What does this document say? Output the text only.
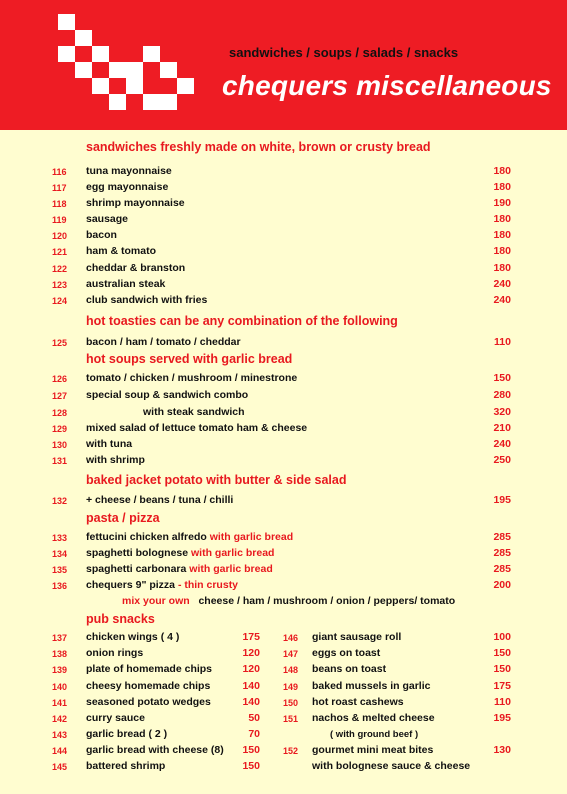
sandwiches / soups / salads / snacks
chequers miscellaneous
sandwiches freshly made on white, brown or crusty bread
hot toasties can be any combination of the following
hot soups served with garlic bread
baked jacket potato with butter & side salad
pasta / pizza
pub snacks
116 tuna mayonnaise	180
117 egg mayonnaise	180
118 shrimp mayonnaise	190
119 sausage	180
120 bacon	180
121 ham & tomato	180
122 cheddar & branston	180
123 australian steak	240
124 club sandwich with fries	240
125 bacon / ham / tomato / cheddar	110
126 tomato / chicken / mushroom / minestrone	150
127 special soup & sandwich combo	280
128	with steak sandwich	320
129 mixed salad of lettuce tomato ham & cheese	210
130 with tuna	240
131 with shrimp	250
132 + cheese / beans / tuna / chilli	195
133 fettucini chicken alfredo with garlic bread	285
134 spaghetti bolognese with garlic bread	285
135 spaghetti carbonara with garlic bread	285
136 chequers 9" pizza - thin crusty	200
137 chicken wings ( 4 )	175
138 onion rings	120
139 plate of homemade chips	120
140 cheesy homemade chips	140
141 seasoned potato wedges	140
142 curry sauce	50
143 garlic bread ( 2 )	70
144 garlic bread with cheese (8)	150
145 battered shrimp	150
146 giant sausage roll	100
147 eggs on toast	150
148 beans on toast	150
149 baked mussels in garlic	175
150 hot roast cashews	110
151 nachos & melted cheese	195
( with ground beef )
152 gourmet mini meat bites	130
with bolognese sauce & cheese
mix your own cheese / ham / mushroom / onion / peppers/ tomato
